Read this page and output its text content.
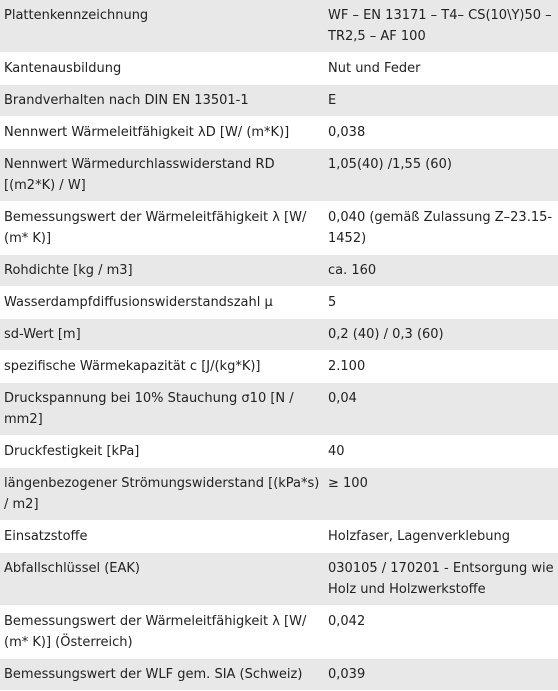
Plattenkennzeichnung	WF – EN 13171 – T4– CS(10\Y)50 – TR2,5 – AF 100
Kantenausbildung	Nut und Feder
Brandverhalten nach DIN EN 13501-1	E
Nennwert Wärmeleitfähigkeit λD [W/ (m*K)]	0,038
Nennwert Wärmedurchlasswiderstand RD [(m2*K) / W]	1,05(40) /1,55 (60)
Bemessungswert der Wärmeleitfähigkeit λ [W/ (m* K)]	0,040 (gemäß Zulassung Z–23.15-1452)
Rohdichte [kg / m3]	ca. 160
Wasserdampfdiffusionswiderstandszahl μ	5
sd-Wert [m]	0,2 (40) / 0,3 (60)
spezifische Wärmekapazität c [J/(kg*K)]	2.100
Druckspannung bei 10% Stauchung σ10 [N / mm2]	0,04
Druckfestigkeit [kPa]	40
längenbezogener Strömungswiderstand [(kPa*s) / m2]	≥ 100
Einsatzstoffe	Holzfaser, Lagenverklebung
Abfallschlüssel (EAK)	030105 / 170201 - Entsorgung wie Holz und Holzwerkstoffe
Bemessungswert der Wärmeleitfähigkeit λ [W/ (m* K)] (Österreich)	0,042
Bemessungswert der WLF gem. SIA (Schweiz)	0,039
